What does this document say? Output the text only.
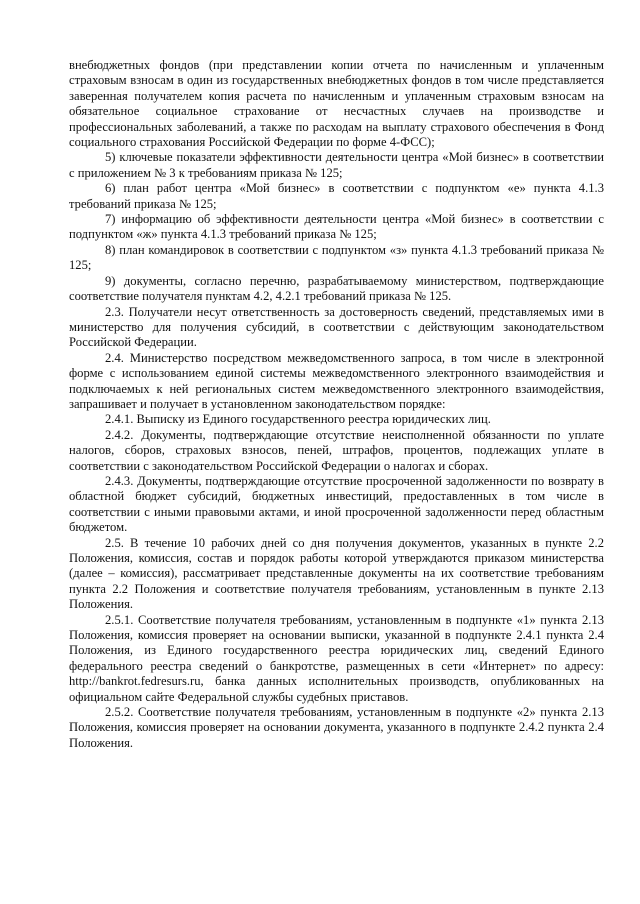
внебюджетных фондов (при представлении копии отчета по начисленным и уплаченным страховым взносам в один из государственных внебюджетных фондов в том числе представляется заверенная получателем копия расчета по начисленным и уплаченным страховым взносам на обязательное социальное страхование от несчастных случаев на производстве и профессиональных заболеваний, а также по расходам на выплату страхового обеспечения в Фонд социального страхования Российской Федерации по форме 4-ФСС);

5) ключевые показатели эффективности деятельности центра «Мой бизнес» в соответствии с приложением № 3 к требованиям приказа № 125;

6) план работ центра «Мой бизнес» в соответствии с подпунктом «е» пункта 4.1.3 требований приказа № 125;

7) информацию об эффективности деятельности центра «Мой бизнес» в соответствии с подпунктом «ж» пункта 4.1.3 требований приказа № 125;

8) план командировок в соответствии с подпунктом «з» пункта 4.1.3 требований приказа № 125;

9) документы, согласно перечню, разрабатываемому министерством, подтверждающие соответствие получателя пунктам 4.2, 4.2.1 требований приказа № 125.

2.3. Получатели несут ответственность за достоверность сведений, представляемых ими в министерство для получения субсидий, в соответствии с действующим законодательством Российской Федерации.

2.4. Министерство посредством межведомственного запроса, в том числе в электронной форме с использованием единой системы межведомственного электронного взаимодействия и подключаемых к ней региональных систем межведомственного электронного взаимодействия, запрашивает и получает в установленном законодательством порядке:

2.4.1. Выписку из Единого государственного реестра юридических лиц.

2.4.2. Документы, подтверждающие отсутствие неисполненной обязанности по уплате налогов, сборов, страховых взносов, пеней, штрафов, процентов, подлежащих уплате в соответствии с законодательством Российской Федерации о налогах и сборах.

2.4.3. Документы, подтверждающие отсутствие просроченной задолженности по возврату в областной бюджет субсидий, бюджетных инвестиций, предоставленных в том числе в соответствии с иными правовыми актами, и иной просроченной задолженности перед областным бюджетом.

2.5. В течение 10 рабочих дней со дня получения документов, указанных в пункте 2.2 Положения, комиссия, состав и порядок работы которой утверждаются приказом министерства (далее – комиссия), рассматривает представленные документы на их соответствие требованиям пункта 2.2 Положения и соответствие получателя требованиям, установленным в пункте 2.13 Положения.

2.5.1. Соответствие получателя требованиям, установленным в подпункте «1» пункта 2.13 Положения, комиссия проверяет на основании выписки, указанной в подпункте 2.4.1 пункта 2.4 Положения, из Единого государственного реестра юридических лиц, сведений Единого федерального реестра сведений о банкротстве, размещенных в сети «Интернет» по адресу: http://bankrot.fedresurs.ru, банка данных исполнительных производств, опубликованных на официальном сайте Федеральной службы судебных приставов.

2.5.2. Соответствие получателя требованиям, установленным в подпункте «2» пункта 2.13 Положения, комиссия проверяет на основании документа, указанного в подпункте 2.4.2 пункта 2.4 Положения.
